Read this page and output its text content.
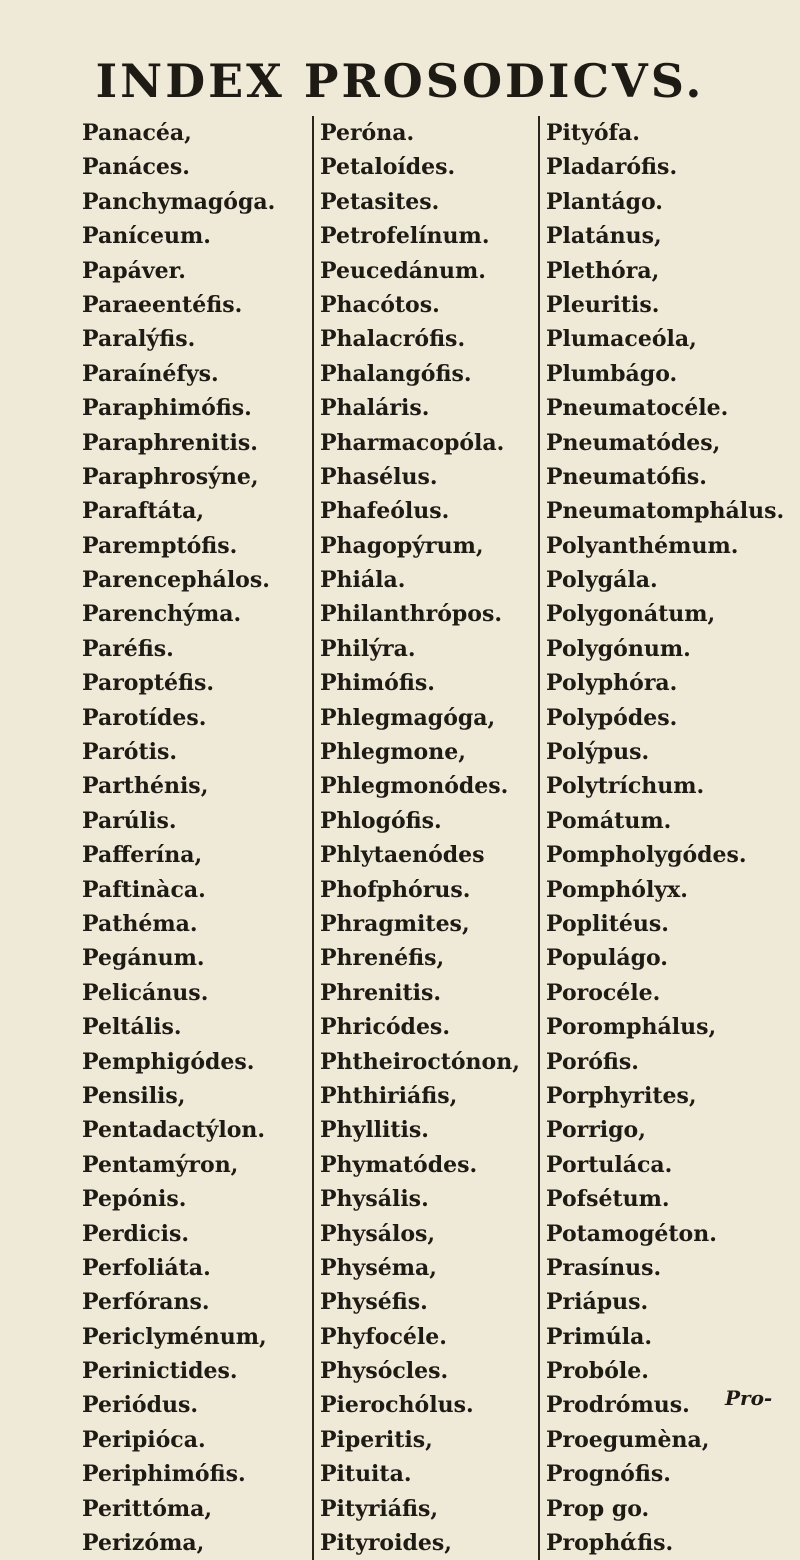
INDEX PROSODICVS.
Panacéa,
Panáces.
Panchymagóga.
Paníceum.
Papáver.
Paraeentéfis.
Paralýfis.
Paraínéfys.
Paraphimófis.
Paraphrenitis.
Paraphrosýne,
Paraftáta,
Paremptófis.
Parencephálos.
Parenchýma.
Paréfis.
Paroptéfis.
Parotídes.
Parótis.
Parthénis,
Parúlis.
Pafferína,
Paftinàca.
Pathéma.
Pegánum.
Pelicánus.
Peltális.
Pemphigódes.
Pensilis,
Pentadactýlon.
Pentamýron,
Pepónis.
Perdicis.
Perfoliáta.
Perfórans.
Periclyménum,
Perinictides.
Periódus.
Peripióca.
Periphimófis.
Perittóma,
Perizóma,
Peróna.
Petaloídes.
Petasites.
Petrofelínum.
Peucedánum.
Phacótos.
Phalacrófis.
Phalangófis.
Phaláris.
Pharmacopóla.
Phasélus.
Phafeólus.
Phagopýrum,
Phiála.
Philanthrópos.
Philýra.
Phimófis.
Phlegmagóga,
Phlegmone,
Phlegmonódes.
Phlogófis.
Phlytaenódes
Phofphórus.
Phragmites,
Phrenéfis,
Phrenitis.
Phricódes.
Phtheiroctónon,
Phthiriáfis,
Phyllitis.
Phymatódes.
Physális.
Physálos,
Physéma,
Physéfis.
Phyfocéle.
Physócles.
Pierochólus.
Piperitis,
Pituita.
Pityriáfis,
Pityroides,
Pityófa.
Pladarófis.
Plantágo.
Platánus,
Plethóra,
Pleuritis.
Plumaceóla,
Plumbágo.
Pneumatocéle.
Pneumatódes,
Pneumatófis.
Pneumatomphálus.
Polyanthémum.
Polygála.
Polygonátum,
Polygónum.
Polyphóra.
Polypódes.
Polýpus.
Polytríchum.
Pomátum.
Pompholygódes.
Pomphólyx.
Poplitéus.
Populágo.
Porocéle.
Poromphálus,
Porófis.
Porphyrites,
Porrigo,
Portuláca.
Pofsétum.
Potamogéton.
Prasínus.
Priápus.
Primúla.
Probóle.
Prodrómus.
Proegumèna,
Prognófis.
Prop go.
Prophάfis.
Pro-
